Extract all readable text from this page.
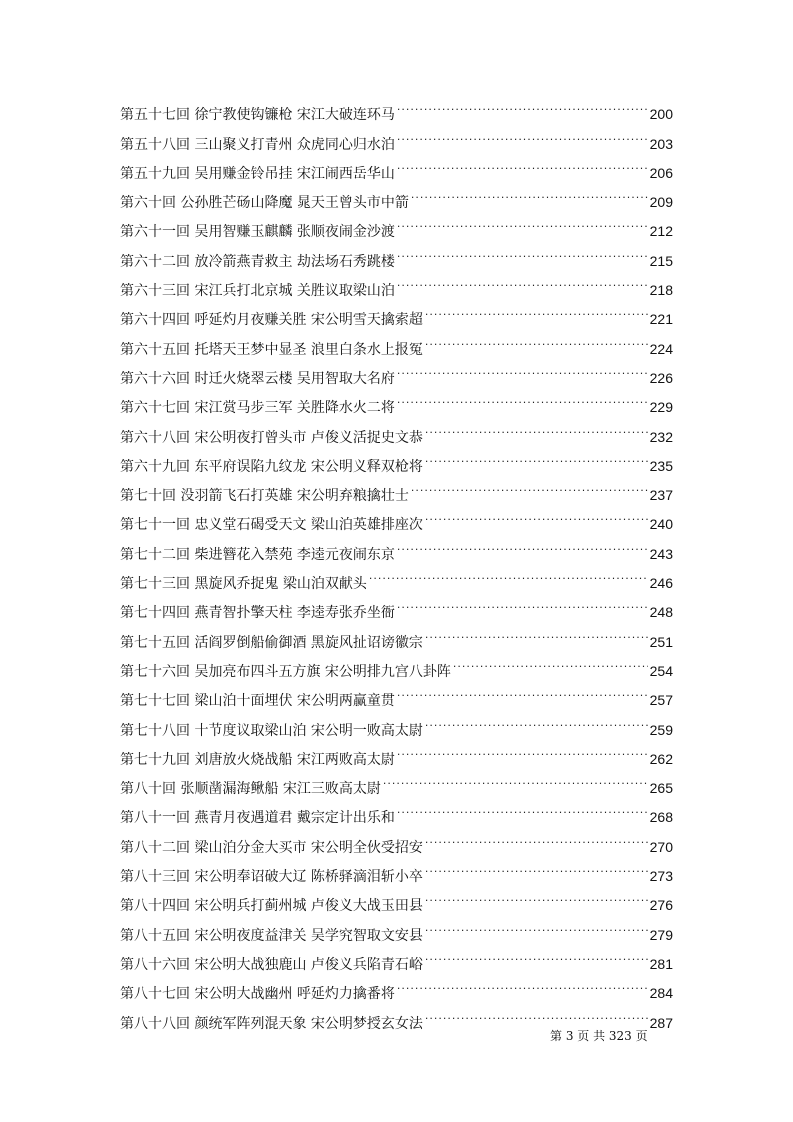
第五十七回 徐宁教使钩镰枪 宋江大破连环马 .....	200
第五十八回 三山聚义打青州 众虎同心归水泊 .....	203
第五十九回 吴用赚金铃吊挂 宋江闹西岳华山 .....	206
第六十回 公孙胜芒砀山降魔 晁天王曾头市中箭 .....	209
第六十一回 吴用智赚玉麒麟 张顺夜闹金沙渡 .....	212
第六十二回 放冷箭燕青救主 劫法场石秀跳楼 .....	215
第六十三回 宋江兵打北京城 关胜议取梁山泊 .....	218
第六十四回 呼延灼月夜赚关胜 宋公明雪天擒索超 .....	221
第六十五回 托塔天王梦中显圣 浪里白条水上报冤 .....	224
第六十六回 时迁火烧翠云楼 吴用智取大名府 .....	226
第六十七回 宋江赏马步三军 关胜降水火二将 .....	229
第六十八回 宋公明夜打曾头市 卢俊义活捉史文恭 .....	232
第六十九回 东平府误陷九纹龙 宋公明义释双枪将 .....	235
第七十回 没羽箭飞石打英雄 宋公明弃粮擒壮士 .....	237
第七十一回 忠义堂石碣受天文 梁山泊英雄排座次 .....	240
第七十二回 柴进簪花入禁苑 李逵元夜闹东京 .....	243
第七十三回 黑旋风乔捉鬼 梁山泊双献头 .....	246
第七十四回 燕青智扑擎天柱 李逵寿张乔坐衙 .....	248
第七十五回 活阎罗倒船偷御酒 黑旋风扯诏谤徽宗 .....	251
第七十六回 吴加亮布四斗五方旗 宋公明排九宫八卦阵 .....	254
第七十七回 梁山泊十面埋伏 宋公明两赢童贯 .....	257
第七十八回 十节度议取梁山泊 宋公明一败高太尉 .....	259
第七十九回 刘唐放火烧战船 宋江两败高太尉 .....	262
第八十回 张顺凿漏海鳅船 宋江三败高太尉 .....	265
第八十一回 燕青月夜遇道君 戴宗定计出乐和 .....	268
第八十二回 梁山泊分金大买市 宋公明全伙受招安 .....	270
第八十三回 宋公明奉诏破大辽 陈桥驿滴泪斩小卒 .....	273
第八十四回 宋公明兵打蓟州城 卢俊义大战玉田县 .....	276
第八十五回 宋公明夜度益津关 吴学究智取文安县 .....	279
第八十六回 宋公明大战独鹿山 卢俊义兵陷青石峪 .....	281
第八十七回 宋公明大战幽州 呼延灼力擒番将 .....	284
第八十八回 颜统军阵列混天象 宋公明梦授玄女法 .....	287
第 3 页 共 323 页
